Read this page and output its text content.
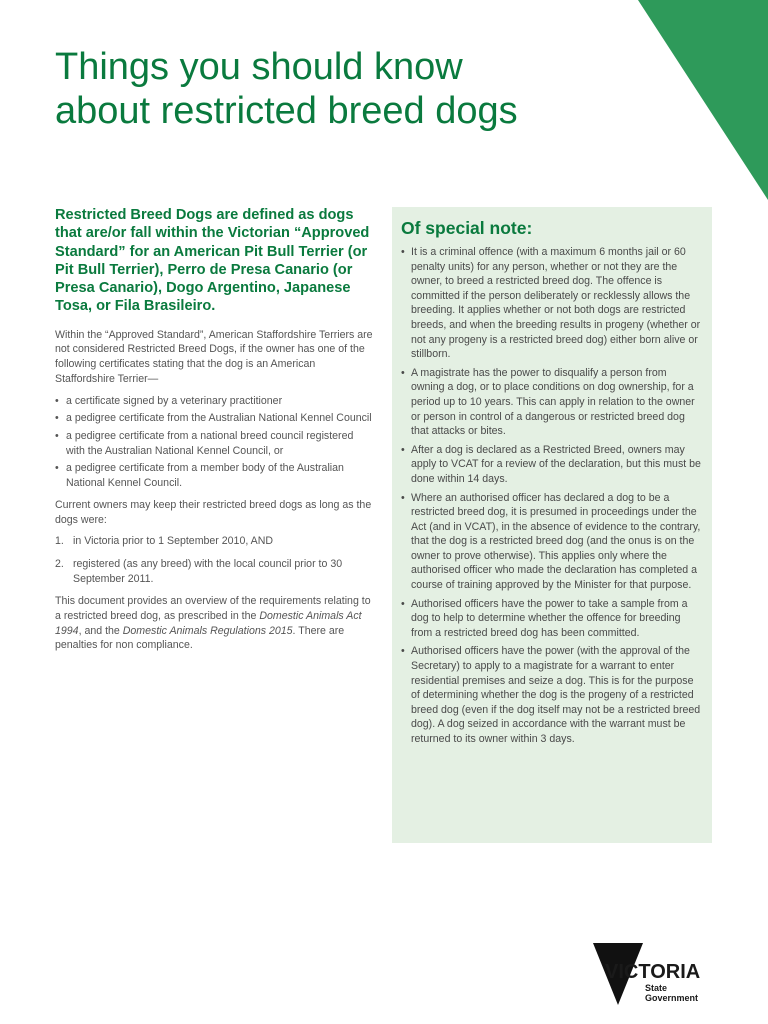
Things you should know
about restricted breed dogs

Restricted Breed Dogs are defined as dogs that are/or fall within the Victorian “Approved Standard” for an American Pit Bull Terrier (or Pit Bull Terrier), Perro de Presa Canario (or Presa Canario), Dogo Argentino, Japanese Tosa, or Fila Brasileiro.

Within the “Approved Standard”, American Staffordshire Terriers are not considered Restricted Breed Dogs, if the owner has one of the following certificates stating that the dog is an American Staffordshire Terrier—

• a certificate signed by a veterinary practitioner
• a pedigree certificate from the Australian National Kennel Council
• a pedigree certificate from a national breed council registered with the Australian National Kennel Council, or
• a pedigree certificate from a member body of the Australian National Kennel Council.

Current owners may keep their restricted breed dogs as long as the dogs were:

1. in Victoria prior to 1 September 2010, AND
2. registered (as any breed) with the local council prior to 30 September 2011.

This document provides an overview of the requirements relating to a restricted breed dog, as prescribed in the Domestic Animals Act 1994, and the Domestic Animals Regulations 2015. There are penalties for non compliance.

Of special note:
• It is a criminal offence (with a maximum 6 months jail or 60 penalty units) for any person, whether or not they are the owner, to breed a restricted breed dog. The offence is committed if the person deliberately or recklessly allows the breeding. It applies whether or not both dogs are restricted breeds, and when the breeding results in progeny (whether or not any progeny is a restricted breed dog) either born alive or stillborn.
• A magistrate has the power to disqualify a person from owning a dog, or to place conditions on dog ownership, for a period up to 10 years. This can apply in relation to the owner or person in control of a dangerous or restricted breed dog that attacks or bites.
• After a dog is declared as a Restricted Breed, owners may apply to VCAT for a review of the declaration, but this must be done within 14 days.
• Where an authorised officer has declared a dog to be a restricted breed dog, it is presumed in proceedings under the Act (and in VCAT), in the absence of evidence to the contrary, that the dog is a restricted breed dog (and the onus is on the owner to prove otherwise). This applies only where the authorised officer who made the declaration has completed a course of training approved by the Minister for that purpose.
• Authorised officers have the power to take a sample from a dog to help to determine whether the offence for breeding from a restricted breed dog has been committed.
• Authorised officers have the power (with the approval of the Secretary) to apply to a magistrate for a warrant to enter residential premises and seize a dog. This is for the purpose of determining whether the dog is the progeny of a restricted breed dog (even if the dog itself may not be a restricted breed dog). A dog seized in accordance with the warrant must be returned to its owner within 3 days.
VICTORIA
State
Government
